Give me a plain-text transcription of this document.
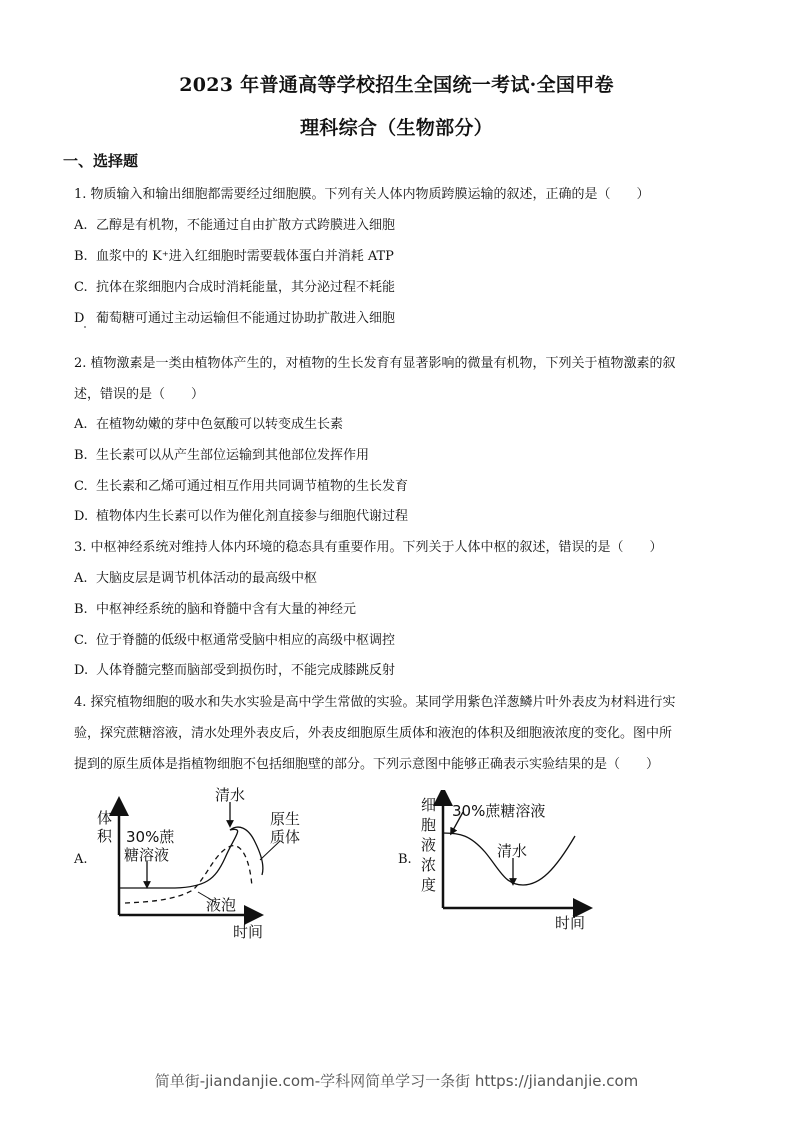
2023 年普通高等学校招生全国统一考试·全国甲卷
理科综合（生物部分）
一、选择题
1. 物质输入和输出细胞都需要经过细胞膜。下列有关人体内物质跨膜运输的叙述，正确的是（　　）
A. 乙醇是有机物，不能通过自由扩散方式跨膜进入细胞
B. 血浆中的 K⁺进入红细胞时需要载体蛋白并消耗 ATP
C. 抗体在浆细胞内合成时消耗能量，其分泌过程不耗能
D 葡萄糖可通过主动运输但不能通过协助扩散进入细胞
2. 植物激素是一类由植物体产生的，对植物的生长发育有显著影响的微量有机物，下列关于植物激素的叙
述，错误的是（　　）
A. 在植物幼嫩的芽中色氨酸可以转变成生长素
B. 生长素可以从产生部位运输到其他部位发挥作用
C. 生长素和乙烯可通过相互作用共同调节植物的生长发育
D. 植物体内生长素可以作为催化剂直接参与细胞代谢过程
3. 中枢神经系统对维持人体内环境的稳态具有重要作用。下列关于人体中枢的叙述，错误的是（　　）
A. 大脑皮层是调节机体活动的最高级中枢
B. 中枢神经系统的脑和脊髓中含有大量的神经元
C. 位于脊髓的低级中枢通常受脑中相应的高级中枢调控
D. 人体脊髓完整而脑部受到损伤时，不能完成膝跳反射
4. 探究植物细胞的吸水和失水实验是高中学生常做的实验。某同学用紫色洋葱鳞片叶外表皮为材料进行实
验，探究蔗糖溶液，清水处理外表皮后，外表皮细胞原生质体和液泡的体积及细胞液浓度的变化。图中所
提到的原生质体是指植物细胞不包括细胞壁的部分。下列示意图中能够正确表示实验结果的是（　　）
A.
体
积 30%蔗
糖溶液
清水
原生
质体
液泡
时间
B.
细
胞
液
浓
度
30%蔗糖溶液
清水
时间
简单街-jiandanjie.com-学科网简单学习一条街 https://jiandanjie.com
